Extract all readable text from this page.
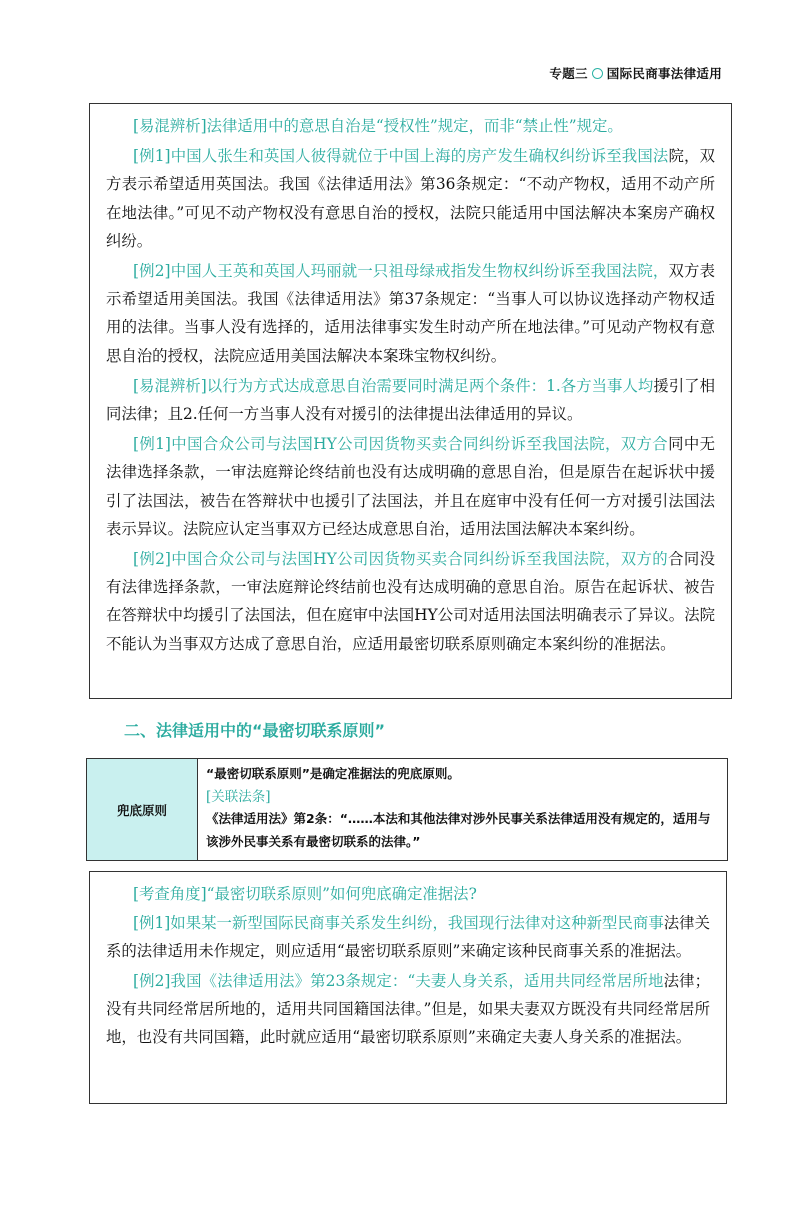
专题三 国际民商事法律适用

[易混辨析]法律适用中的意思自治是“授权性”规定，而非“禁止性”规定。

[例1]中国人张生和英国人彼得就位于中国上海的房产发生确权纠纷诉至我国法院，双方表示希望适用英国法。我国《法律适用法》第36条规定：“不动产物权，适用不动产所在地法律。”可见不动产物权没有意思自治的授权，法院只能适用中国法解决本案房产确权纠纷。

[例2]中国人王英和英国人玛丽就一只祖母绿戒指发生物权纠纷诉至我国法院，双方表示希望适用美国法。我国《法律适用法》第37条规定：“当事人可以协议选择动产物权适用的法律。当事人没有选择的，适用法律事实发生时动产所在地法律。”可见动产物权有意思自治的授权，法院应适用美国法解决本案珠宝物权纠纷。

[易混辨析]以行为方式达成意思自治需要同时满足两个条件：1.各方当事人均援引了相同法律；且2.任何一方当事人没有对援引的法律提出法律适用的异议。

[例1]中国合众公司与法国HY公司因货物买卖合同纠纷诉至我国法院，双方合同中无法律选择条款，一审法庭辩论终结前也没有达成明确的意思自治，但是原告在起诉状中援引了法国法，被告在答辩状中也援引了法国法，并且在庭审中没有任何一方对援引法国法表示异议。法院应认定当事双方已经达成意思自治，适用法国法解决本案纠纷。

[例2]中国合众公司与法国HY公司因货物买卖合同纠纷诉至我国法院，双方的合同没有法律选择条款，一审法庭辩论终结前也没有达成明确的意思自治。原告在起诉状、被告在答辩状中均援引了法国法，但在庭审中法国HY公司对适用法国法明确表示了异议。法院不能认为当事双方达成了意思自治，应适用最密切联系原则确定本案纠纷的准据法。

二、法律适用中的“最密切联系原则”
兜底原则
“最密切联系原则”是确定准据法的兜底原则。
[关联法条]
《法律适用法》第2条：“……本法和其他法律对涉外民事关系法律适用没有规定的，适用与该涉外民事关系有最密切联系的法律。”

[考查角度]“最密切联系原则”如何兜底确定准据法?

[例1]如果某一新型国际民商事关系发生纠纷，我国现行法律对这种新型民商事法律关系的法律适用未作规定，则应适用“最密切联系原则”来确定该种民商事关系的准据法。

[例2]我国《法律适用法》第23条规定：“夫妻人身关系，适用共同经常居所地法律；没有共同经常居所地的，适用共同国籍国法律。”但是，如果夫妻双方既没有共同经常居所地，也没有共同国籍，此时就应适用“最密切联系原则”来确定夫妻人身关系的准据法。
